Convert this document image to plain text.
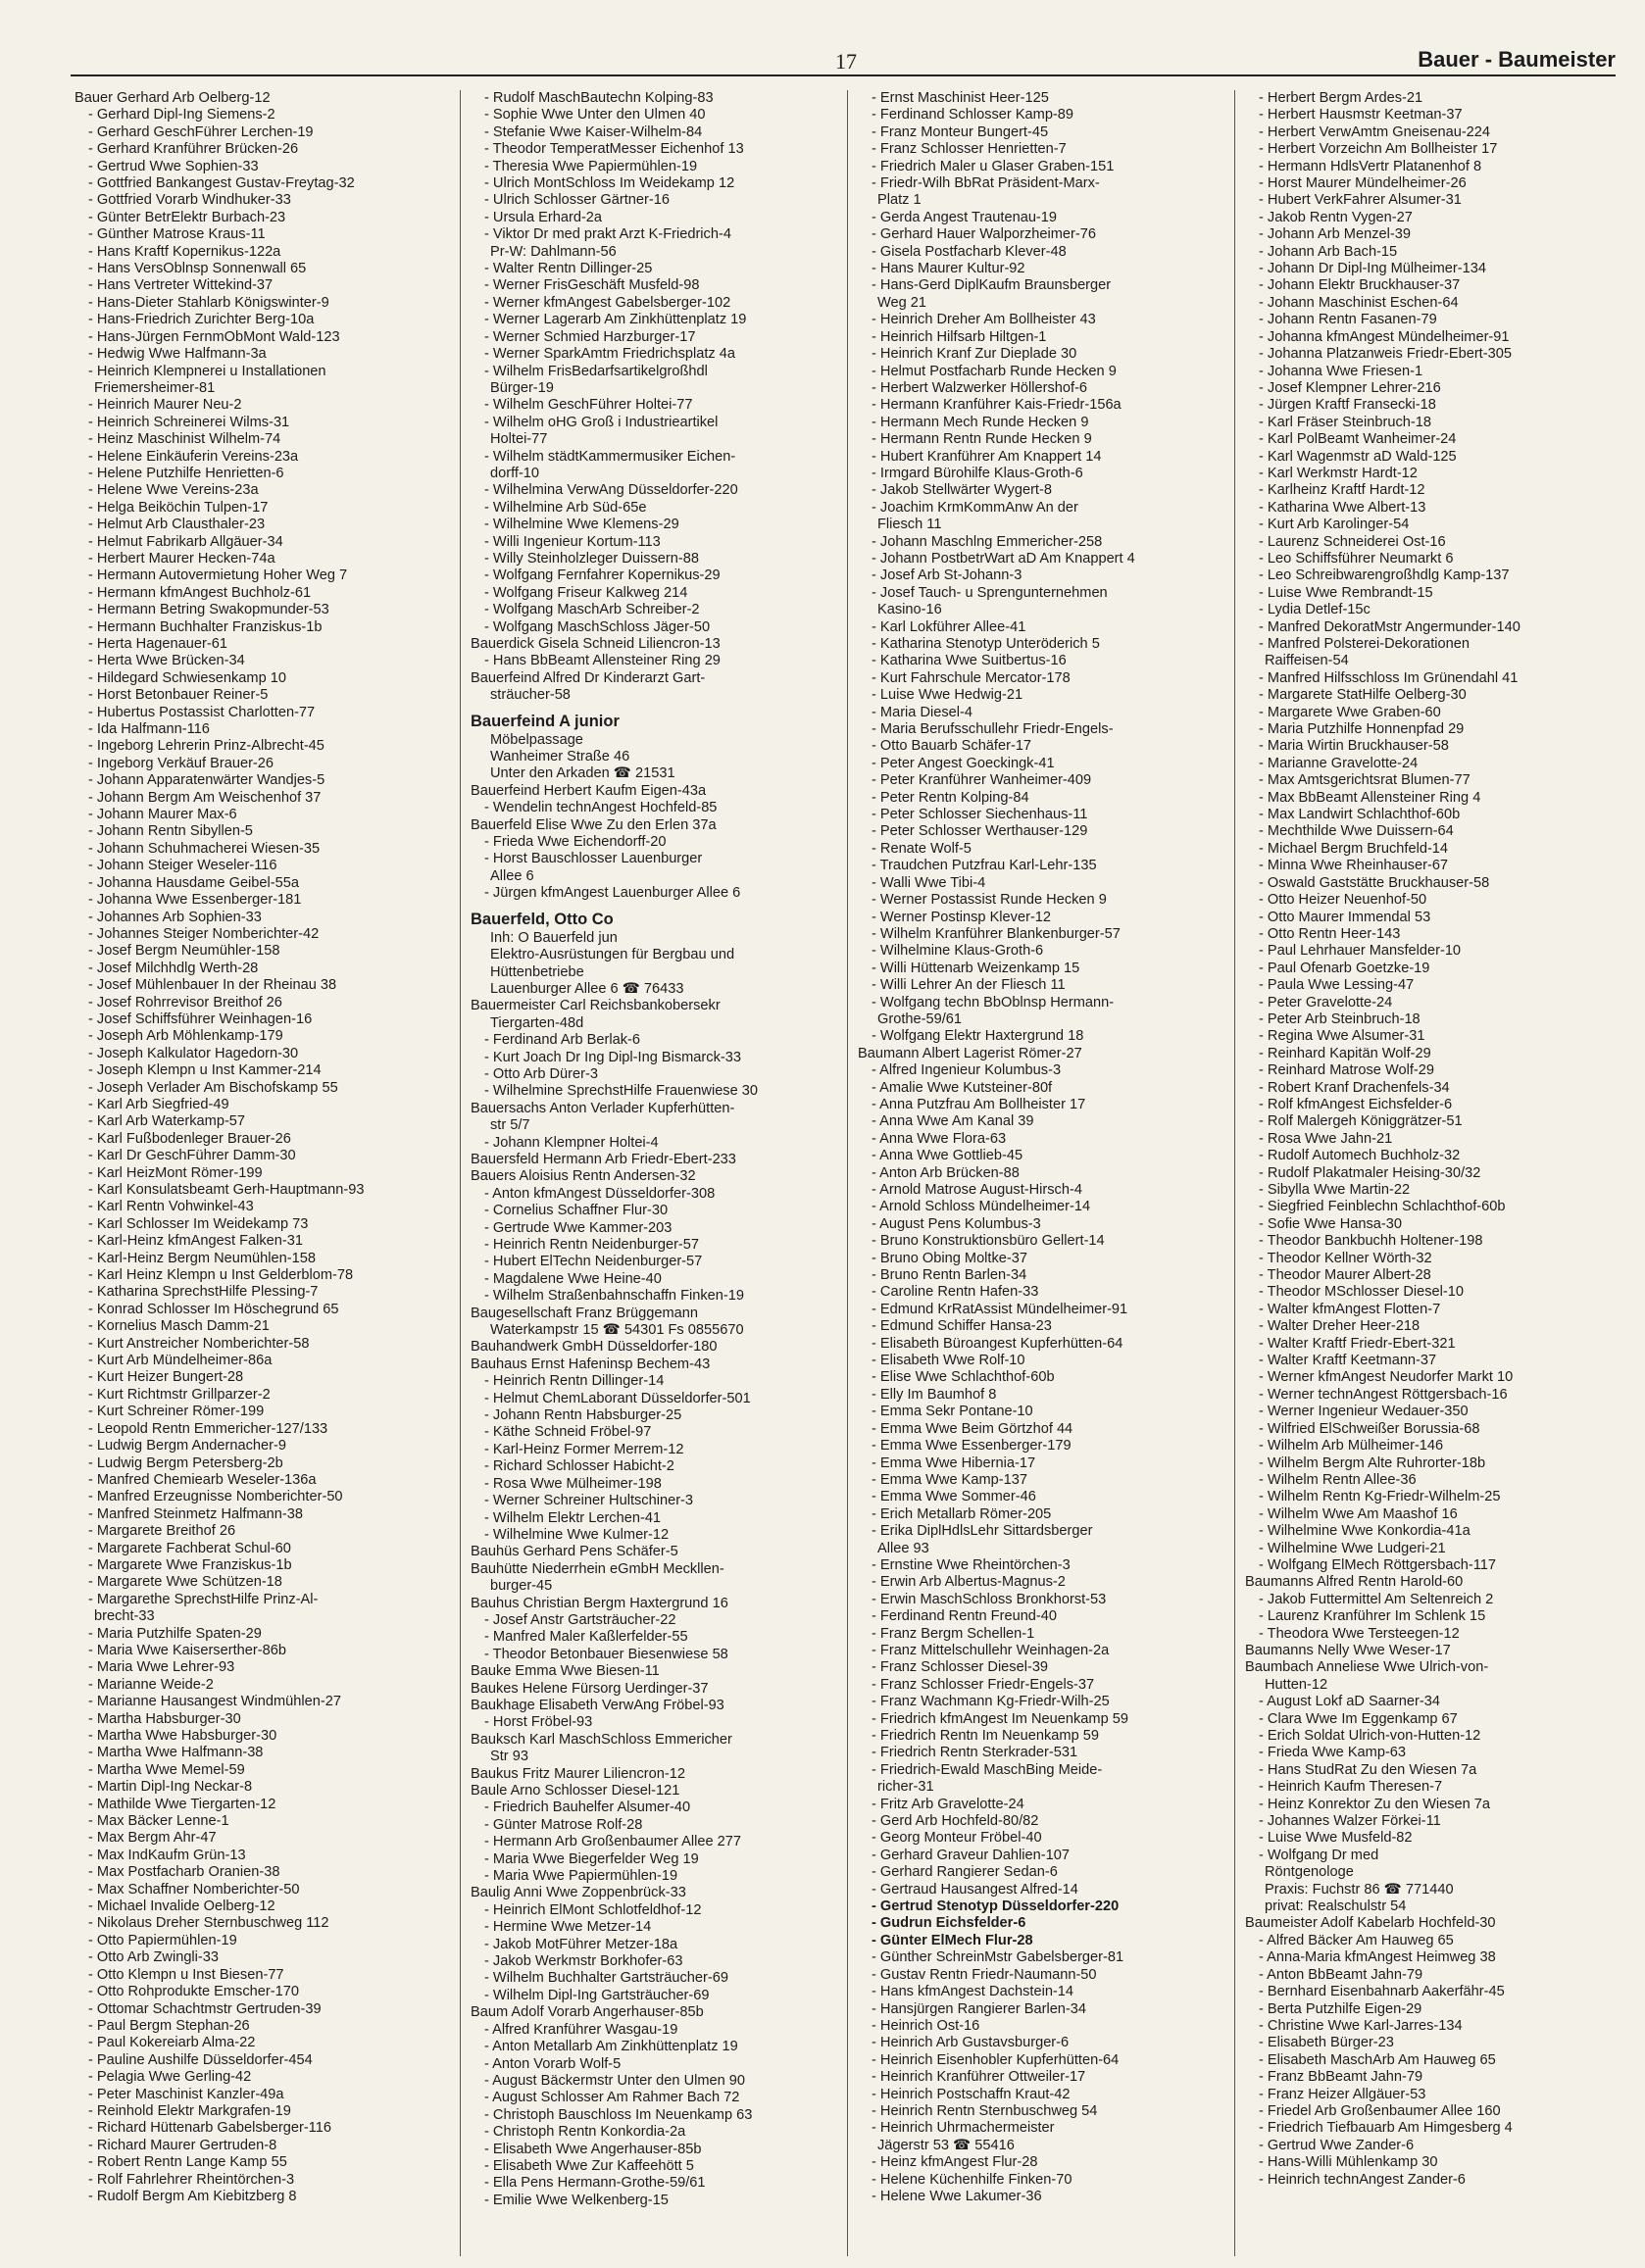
17	Bauer - Baumeister
Bauer Gerhard Arb Oelberg-12
- Gerhard Dipl-Ing Siemens-2
- Gerhard GeschFührer Lerchen-19
- Gerhard Kranführer Brücken-26
- Gertrud Wwe Sophien-33
- Gottfried Bankangest Gustav-Freytag-32
- Gottfried Vorarb Windhuker-33
- Günter BetrElektr Burbach-23
- Günther Matrose Kraus-11
- Hans Kraftf Kopernikus-122a
- Hans VersOblnsp Sonnenwall 65
- Hans Vertreter Wittekind-37
- Hans-Dieter Stahlarb Königswinter-9
- Hans-Friedrich Zurichter Berg-10a
- Hans-Jürgen FernmObMont Wald-123
- Hedwig Wwe Halfmann-3a
- Heinrich Klempnerei u Installationen
Friemersheimer-81
- Heinrich Maurer Neu-2
- Heinrich Schreinerei Wilms-31
- Heinz Maschinist Wilhelm-74
- Helene Einkäuferin Vereins-23a
- Helene Putzhilfe Henrietten-6
- Helene Wwe Vereins-23a
- Helga Beiköchin Tulpen-17
- Helmut Arb Clausthaler-23
- Helmut Fabrikarb Allgäuer-34
- Herbert Maurer Hecken-74a
- Hermann Autovermietung Hoher Weg 7
- Hermann kfmAngest Buchholz-61
- Hermann Betring Swakopmunder-53
- Hermann Buchhalter Franziskus-1b
- Herta Hagenauer-61
- Herta Wwe Brücken-34
- Hildegard Schwiesenkamp 10
- Horst Betonbauer Reiner-5
- Hubertus Postassist Charlotten-77
- Ida Halfmann-116
- Ingeborg Lehrerin Prinz-Albrecht-45
- Ingeborg Verkäuf Brauer-26
- Johann Apparatenwärter Wandjes-5
- Johann Bergm Am Weischenhof 37
- Johann Maurer Max-6
- Johann Rentn Sibyllen-5
- Johann Schuhmacherei Wiesen-35
- Johann Steiger Weseler-116
- Johanna Hausdame Geibel-55a
- Johanna Wwe Essenberger-181
- Johannes Arb Sophien-33
- Johannes Steiger Nomberichter-42
- Josef Bergm Neumühler-158
- Josef Milchhdlg Werth-28
- Josef Mühlenbauer In der Rheinau 38
- Josef Rohrrevisor Breithof 26
- Josef Schiffsführer Weinhagen-16
- Joseph Arb Möhlenkamp-179
- Joseph Kalkulator Hagedorn-30
- Joseph Klempn u Inst Kammer-214
- Joseph Verlader Am Bischofskamp 55
- Karl Arb Siegfried-49
- Karl Arb Waterkamp-57
- Karl Fußbodenleger Brauer-26
- Karl Dr GeschFührer Damm-30
- Karl HeizMont Römer-199
- Karl Konsulatsbeamt Gerh-Hauptmann-93
- Karl Rentn Vohwinkel-43
- Karl Schlosser Im Weidekamp 73
- Karl-Heinz kfmAngest Falken-31
- Karl-Heinz Bergm Neumühlen-158
- Karl Heinz Klempn u Inst Gelderblom-78
- Katharina SprechstHilfe Plessing-7
- Konrad Schlosser Im Höschegrund 65
- Kornelius Masch Damm-21
- Kurt Anstreicher Nomberichter-58
- Kurt Arb Mündelheimer-86a
- Kurt Heizer Bungert-28
- Kurt Richtmstr Grillparzer-2
- Kurt Schreiner Römer-199
- Leopold Rentn Emmericher-127/133
- Ludwig Bergm Andernacher-9
- Ludwig Bergm Petersberg-2b
- Manfred Chemiearb Weseler-136a
- Manfred Erzeugnisse Nomberichter-50
- Manfred Steinmetz Halfmann-38
- Margarete Breithof 26
- Margarete Fachberat Schul-60
- Margarete Wwe Franziskus-1b
- Margarete Wwe Schützen-18
- Margarethe SprechstHilfe Prinz-Al-
brecht-33
- Maria Putzhilfe Spaten-29
- Maria Wwe Kaiserserther-86b
- Maria Wwe Lehrer-93
- Marianne Weide-2
- Marianne Hausangest Windmühlen-27
- Martha Habsburger-30
- Martha Wwe Habsburger-30
- Martha Wwe Halfmann-38
- Martha Wwe Memel-59
- Martin Dipl-Ing Neckar-8
- Mathilde Wwe Tiergarten-12
- Max Bäcker Lenne-1
- Max Bergm Ahr-47
- Max IndKaufm Grün-13
- Max Postfacharb Oranien-38
- Max Schaffner Nomberichter-50
- Michael Invalide Oelberg-12
- Nikolaus Dreher Sternbuschweg 112
- Otto Papiermühlen-19
- Otto Arb Zwingli-33
- Otto Klempn u Inst Biesen-77
- Otto Rohprodukte Emscher-170
- Ottomar Schachtmstr Gertruden-39
- Paul Bergm Stephan-26
- Paul Kokereiarb Alma-22
- Pauline Aushilfe Düsseldorfer-454
- Pelagia Wwe Gerling-42
- Peter Maschinist Kanzler-49a
- Reinhold Elektr Markgrafen-19
- Richard Hüttenarb Gabelsberger-116
- Richard Maurer Gertruden-8
- Robert Rentn Lange Kamp 55
- Rolf Fahrlehrer Rheintörchen-3
- Rudolf Bergm Am Kiebitzberg 8
- Rudolf MaschBautechn Kolping-83
- Sophie Wwe Unter den Ulmen 40
- Stefanie Wwe Kaiser-Wilhelm-84
- Theodor TemperatMesser Eichenhof 13
- Theresia Wwe Papiermühlen-19
- Ulrich MontSchloss Im Weidekamp 12
- Ulrich Schlosser Gärtner-16
- Ursula Erhard-2a
- Viktor Dr med prakt Arzt K-Friedrich-4
Pr-W: Dahlmann-56
- Walter Rentn Dillinger-25
- Werner FrisGeschäft Musfeld-98
- Werner kfmAngest Gabelsberger-102
- Werner Lagerarb Am Zinkhüttenplatz 19
- Werner Schmied Harzburger-17
- Werner SparkAmtm Friedrichsplatz 4a
- Wilhelm FrisBedarfsartikelgroßhdl
Bürger-19
- Wilhelm GeschFührer Holtei-77
- Wilhelm oHG Groß i Industrieartikel
Holtei-77
- Wilhelm städtKammermusiker Eichen-
dorff-10
- Wilhelmina VerwAng Düsseldorfer-220
- Wilhelmine Arb Süd-65e
- Wilhelmine Wwe Klemens-29
- Willi Ingenieur Kortum-113
- Willy Steinholzleger Duissern-88
- Wolfgang Fernfahrer Kopernikus-29
- Wolfgang Friseur Kalkweg 214
- Wolfgang MaschArb Schreiber-2
- Wolfgang MaschSchloss Jäger-50
Bauerdick Gisela Schneid Liliencron-13
- Hans BbBeamt Allensteiner Ring 29
Bauerfeind Alfred Dr Kinderarzt Gart-
sträucher-58
Bauerfeind A junior
Möbelpassage
Wanheimer Straße 46
Unter den Arkaden ☎ 21531
Bauerfeind Herbert Kaufm Eigen-43a
- Wendelin technAngest Hochfeld-85
Bauerfeld Elise Wwe Zu den Erlen 37a
- Frieda Wwe Eichendorff-20
- Horst Bauschlosser Lauenburger
Allee 6
- Jürgen kfmAngest Lauenburger Allee 6
Bauerfeld, Otto Co
Inh: O Bauerfeld jun
Elektro-Ausrüstungen für Bergbau und
Hüttenbetriebe
Lauenburger Allee 6 ☎ 76433
Bauermeister Carl Reichsbankobersekr
Tiergarten-48d
- Ferdinand Arb Berlak-6
- Kurt Joach Dr Ing Dipl-Ing Bismarck-33
- Otto Arb Dürer-3
- Wilhelmine SprechstHilfe Frauenwiese 30
Bauersachs Anton Verlader Kupferhütten-
str 5/7
- Johann Klempner Holtei-4
Bauersfeld Hermann Arb Friedr-Ebert-233
Bauers Aloisius Rentn Andersen-32
- Anton kfmAngest Düsseldorfer-308
- Cornelius Schaffner Flur-30
- Gertrude Wwe Kammer-203
- Heinrich Rentn Neidenburger-57
- Hubert ElTechn Neidenburger-57
- Magdalene Wwe Heine-40
- Wilhelm Straßenbahnschaffn Finken-19
Baugesellschaft Franz Brüggemann
Waterkampstr 15 ☎ 54301 Fs 0855670
Bauhandwerk GmbH Düsseldorfer-180
Bauhaus Ernst Hafeninsp Bechem-43
- Heinrich Rentn Dillinger-14
- Helmut ChemLaborant Düsseldorfer-501
- Johann Rentn Habsburger-25
- Käthe Schneid Fröbel-97
- Karl-Heinz Former Merrem-12
- Richard Schlosser Habicht-2
- Rosa Wwe Mülheimer-198
- Werner Schreiner Hultschiner-3
- Wilhelm Elektr Lerchen-41
- Wilhelmine Wwe Kulmer-12
Bauhüs Gerhard Pens Schäfer-5
Bauhütte Niederrhein eGmbH Meckllen-
burger-45
Bauhus Christian Bergm Haxtergrund 16
- Josef Anstr Gartsträucher-22
- Manfred Maler Kaßlerfelder-55
- Theodor Betonbauer Biesenwiese 58
Bauke Emma Wwe Biesen-11
Baukes Helene Fürsorg Uerdinger-37
Baukhage Elisabeth VerwAng Fröbel-93
- Horst Fröbel-93
Bauksch Karl MaschSchloss Emmericher
Str 93
Baukus Fritz Maurer Liliencron-12
Baule Arno Schlosser Diesel-121
- Friedrich Bauhelfer Alsumer-40
- Günter Matrose Rolf-28
- Hermann Arb Großenbaumer Allee 277
- Maria Wwe Biegerfelder Weg 19
- Maria Wwe Papiermühlen-19
Baulig Anni Wwe Zoppenbrück-33
- Heinrich ElMont Schlotfeldhof-12
- Hermine Wwe Metzer-14
- Jakob MotFührer Metzer-18a
- Jakob Werkmstr Borkhofer-63
- Wilhelm Buchhalter Gartsträucher-69
- Wilhelm Dipl-Ing Gartsträucher-69
Baum Adolf Vorarb Angerhauser-85b
- Alfred Kranführer Wasgau-19
- Anton Metallarb Am Zinkhüttenplatz 19
- Anton Vorarb Wolf-5
- August Bäckermstr Unter den Ulmen 90
- August Schlosser Am Rahmer Bach 72
- Christoph Bauschloss Im Neuenkamp 63
- Christoph Rentn Konkordia-2a
- Elisabeth Wwe Angerhauser-85b
- Elisabeth Wwe Zur Kaffeehött 5
- Ella Pens Hermann-Grothe-59/61
- Emilie Wwe Welkenberg-15
- Ernst Maschinist Heer-125
- Ferdinand Schlosser Kamp-89
- Franz Monteur Bungert-45
- Franz Schlosser Henrietten-7
- Friedrich Maler u Glaser Graben-151
- Friedr-Wilh BbRat Präsident-Marx-
Platz 1
- Gerda Angest Trautenau-19
- Gerhard Hauer Walporzheimer-76
- Gisela Postfacharb Klever-48
- Hans Maurer Kultur-92
- Hans-Gerd DiplKaufm Braunsberger
Weg 21
- Heinrich Dreher Am Bollheister 43
- Heinrich Hilfsarb Hiltgen-1
- Heinrich Kranf Zur Dieplade 30
- Helmut Postfacharb Runde Hecken 9
- Herbert Walzwerker Höllershof-6
- Hermann Kranführer Kais-Friedr-156a
- Hermann Mech Runde Hecken 9
- Hermann Rentn Runde Hecken 9
- Hubert Kranführer Am Knappert 14
- Irmgard Bürohilfe Klaus-Groth-6
- Jakob Stellwärter Wygert-8
- Joachim KrmKommAnw An der
Fliesch 11
- Johann Maschlng Emmericher-258
- Johann PostbetrWart aD Am Knappert 4
- Josef Arb St-Johann-3
- Josef Tauch- u Sprengunternehmen
Kasino-16
- Karl Lokführer Allee-41
- Katharina Stenotyp Unteröderich 5
- Katharina Wwe Suitbertus-16
- Kurt Fahrschule Mercator-178
- Luise Wwe Hedwig-21
- Maria Diesel-4
- Maria Berufsschullehr Friedr-Engels-
- Otto Bauarb Schäfer-17
- Peter Angest Goeckingk-41
- Peter Kranführer Wanheimer-409
- Peter Rentn Kolping-84
- Peter Schlosser Siechenhaus-11
- Peter Schlosser Werthauser-129
- Renate Wolf-5
- Traudchen Putzfrau Karl-Lehr-135
- Walli Wwe Tibi-4
- Werner Postassist Runde Hecken 9
- Werner Postinsp Klever-12
- Wilhelm Kranführer Blankenburger-57
- Wilhelmine Klaus-Groth-6
- Willi Hüttenarb Weizenkamp 15
- Willi Lehrer An der Fliesch 11
- Wolfgang techn BbOblnsp Hermann-
Grothe-59/61
- Wolfgang Elektr Haxtergrund 18
Baumann Albert Lagerist Römer-27
- Alfred Ingenieur Kolumbus-3
- Amalie Wwe Kutsteiner-80f
- Anna Putzfrau Am Bollheister 17
- Anna Wwe Am Kanal 39
- Anna Wwe Flora-63
- Anna Wwe Gottlieb-45
- Anton Arb Brücken-88
- Arnold Matrose August-Hirsch-4
- Arnold Schloss Mündelheimer-14
- August Pens Kolumbus-3
- Bruno Konstruktionsbüro Gellert-14
- Bruno Obing Moltke-37
- Bruno Rentn Barlen-34
- Caroline Rentn Hafen-33
- Edmund KrRatAssist Mündelheimer-91
- Edmund Schiffer Hansa-23
- Elisabeth Büroangest Kupferhütten-64
- Elisabeth Wwe Rolf-10
- Elise Wwe Schlachthof-60b
- Elly Im Baumhof 8
- Emma Sekr Pontane-10
- Emma Wwe Beim Görtzhof 44
- Emma Wwe Essenberger-179
- Emma Wwe Hibernia-17
- Emma Wwe Kamp-137
- Emma Wwe Sommer-46
- Erich Metallarb Römer-205
- Erika DiplHdlsLehr Sittardsberger
Allee 93
- Ernstine Wwe Rheintörchen-3
- Erwin Arb Albertus-Magnus-2
- Erwin MaschSchloss Bronkhorst-53
- Ferdinand Rentn Freund-40
- Franz Bergm Schellen-1
- Franz Mittelschullehr Weinhagen-2a
- Franz Schlosser Diesel-39
- Franz Schlosser Friedr-Engels-37
- Franz Wachmann Kg-Friedr-Wilh-25
- Friedrich kfmAngest Im Neuenkamp 59
- Friedrich Rentn Im Neuenkamp 59
- Friedrich Rentn Sterkrader-531
- Friedrich-Ewald MaschBing Meide-
richer-31
- Fritz Arb Gravelotte-24
- Gerd Arb Hochfeld-80/82
- Georg Monteur Fröbel-40
- Gerhard Graveur Dahlien-107
- Gerhard Rangierer Sedan-6
- Gertraud Hausangest Alfred-14
- Gertrud Stenotyp Düsseldorfer-220
- Gudrun Eichsfelder-6
- Günter ElMech Flur-28
- Günther SchreinMstr Gabelsberger-81
- Gustav Rentn Friedr-Naumann-50
- Hans kfmAngest Dachstein-14
- Hansjürgen Rangierer Barlen-34
- Heinrich Ost-16
- Heinrich Arb Gustavsburger-6
- Heinrich Eisenhobler Kupferhütten-64
- Heinrich Kranführer Ottweiler-17
- Heinrich Postschaffn Kraut-42
- Heinrich Rentn Sternbuschweg 54
- Heinrich Uhrmachermeister
Jägerstr 53 ☎ 55416
- Heinz kfmAngest Flur-28
- Helene Küchenhilfe Finken-70
- Helene Wwe Lakumer-36
- Herbert Bergm Ardes-21
- Herbert Hausmstr Keetman-37
- Herbert VerwAmtm Gneisenau-224
- Herbert Vorzeichn Am Bollheister 17
- Hermann HdlsVertr Platanenhof 8
- Horst Maurer Mündelheimer-26
- Hubert VerkFahrer Alsumer-31
- Jakob Rentn Vygen-27
- Johann Arb Menzel-39
- Johann Arb Bach-15
- Johann Dr Dipl-Ing Mülheimer-134
- Johann Elektr Bruckhauser-37
- Johann Maschinist Eschen-64
- Johann Rentn Fasanen-79
- Johanna kfmAngest Mündelheimer-91
- Johanna Platzanweis Friedr-Ebert-305
- Johanna Wwe Friesen-1
- Josef Klempner Lehrer-216
- Jürgen Kraftf Fransecki-18
- Karl Fräser Steinbruch-18
- Karl PolBeamt Wanheimer-24
- Karl Wagenmstr aD Wald-125
- Karl Werkmstr Hardt-12
- Karlheinz Kraftf Hardt-12
- Katharina Wwe Albert-13
- Kurt Arb Karolinger-54
- Laurenz Schneiderei Ost-16
- Leo Schiffsführer Neumarkt 6
- Leo Schreibwarengroßhdlg Kamp-137
- Luise Wwe Rembrandt-15
- Lydia Detlef-15c
- Manfred DekoratMstr Angermunder-140
- Manfred Polsterei-Dekorationen
Raiffeisen-54
- Manfred Hilfsschloss Im Grünendahl 41
- Margarete StatHilfe Oelberg-30
- Margarete Wwe Graben-60
- Maria Putzhilfe Honnenpfad 29
- Maria Wirtin Bruckhauser-58
- Marianne Gravelotte-24
- Max Amtsgerichtsrat Blumen-77
- Max BbBeamt Allensteiner Ring 4
- Max Landwirt Schlachthof-60b
- Mechthilde Wwe Duissern-64
- Michael Bergm Bruchfeld-14
- Minna Wwe Rheinhauser-67
- Oswald Gaststätte Bruckhauser-58
- Otto Heizer Neuenhof-50
- Otto Maurer Immendal 53
- Otto Rentn Heer-143
- Paul Lehrhauer Mansfelder-10
- Paul Ofenarb Goetzke-19
- Paula Wwe Lessing-47
- Peter Gravelotte-24
- Peter Arb Steinbruch-18
- Regina Wwe Alsumer-31
- Reinhard Kapitän Wolf-29
- Reinhard Matrose Wolf-29
- Robert Kranf Drachenfels-34
- Rolf kfmAngest Eichsfelder-6
- Rolf Malergeh Königgrätzer-51
- Rosa Wwe Jahn-21
- Rudolf Automech Buchholz-32
- Rudolf Plakatmaler Heising-30/32
- Sibylla Wwe Martin-22
- Siegfried Feinblechn Schlachthof-60b
- Sofie Wwe Hansa-30
- Theodor Bankbuchh Holtener-198
- Theodor Kellner Wörth-32
- Theodor Maurer Albert-28
- Theodor MSchlosser Diesel-10
- Walter kfmAngest Flotten-7
- Walter Dreher Heer-218
- Walter Kraftf Friedr-Ebert-321
- Walter Kraftf Keetmann-37
- Werner kfmAngest Neudorfer Markt 10
- Werner technAngest Röttgersbach-16
- Werner Ingenieur Wedauer-350
- Wilfried ElSchweißer Borussia-68
- Wilhelm Arb Mülheimer-146
- Wilhelm Bergm Alte Ruhrorter-18b
- Wilhelm Rentn Allee-36
- Wilhelm Rentn Kg-Friedr-Wilhelm-25
- Wilhelm Wwe Am Maashof 16
- Wilhelmine Wwe Konkordia-41a
- Wilhelmine Wwe Ludgeri-21
- Wolfgang ElMech Röttgersbach-117
Baumanns Alfred Rentn Harold-60
- Jakob Futtermittel Am Seltenreich 2
- Laurenz Kranführer Im Schlenk 15
- Theodora Wwe Tersteegen-12
Baumanns Nelly Wwe Weser-17
Baumbach Anneliese Wwe Ulrich-von-
Hutten-12
- August Lokf aD Saarner-34
- Clara Wwe Im Eggenkamp 67
- Erich Soldat Ulrich-von-Hutten-12
- Frieda Wwe Kamp-63
- Hans StudRat Zu den Wiesen 7a
- Heinrich Kaufm Theresen-7
- Heinz Konrektor Zu den Wiesen 7a
- Johannes Walzer Förkei-11
- Luise Wwe Musfeld-82
- Wolfgang Dr med
Röntgenologe
Praxis: Fuchstr 86 ☎ 771440
privat: Realschulstr 54
Baumeister Adolf Kabelarb Hochfeld-30
- Alfred Bäcker Am Hauweg 65
- Anna-Maria kfmAngest Heimweg 38
- Anton BbBeamt Jahn-79
- Bernhard Eisenbahnarb Aakerfähr-45
- Berta Putzhilfe Eigen-29
- Christine Wwe Karl-Jarres-134
- Elisabeth Bürger-23
- Elisabeth MaschArb Am Hauweg 65
- Franz BbBeamt Jahn-79
- Franz Heizer Allgäuer-53
- Friedel Arb Großenbaumer Allee 160
- Friedrich Tiefbauarb Am Himgesberg 4
- Gertrud Wwe Zander-6
- Hans-Willi Mühlenkamp 30
- Heinrich technAngest Zander-6
